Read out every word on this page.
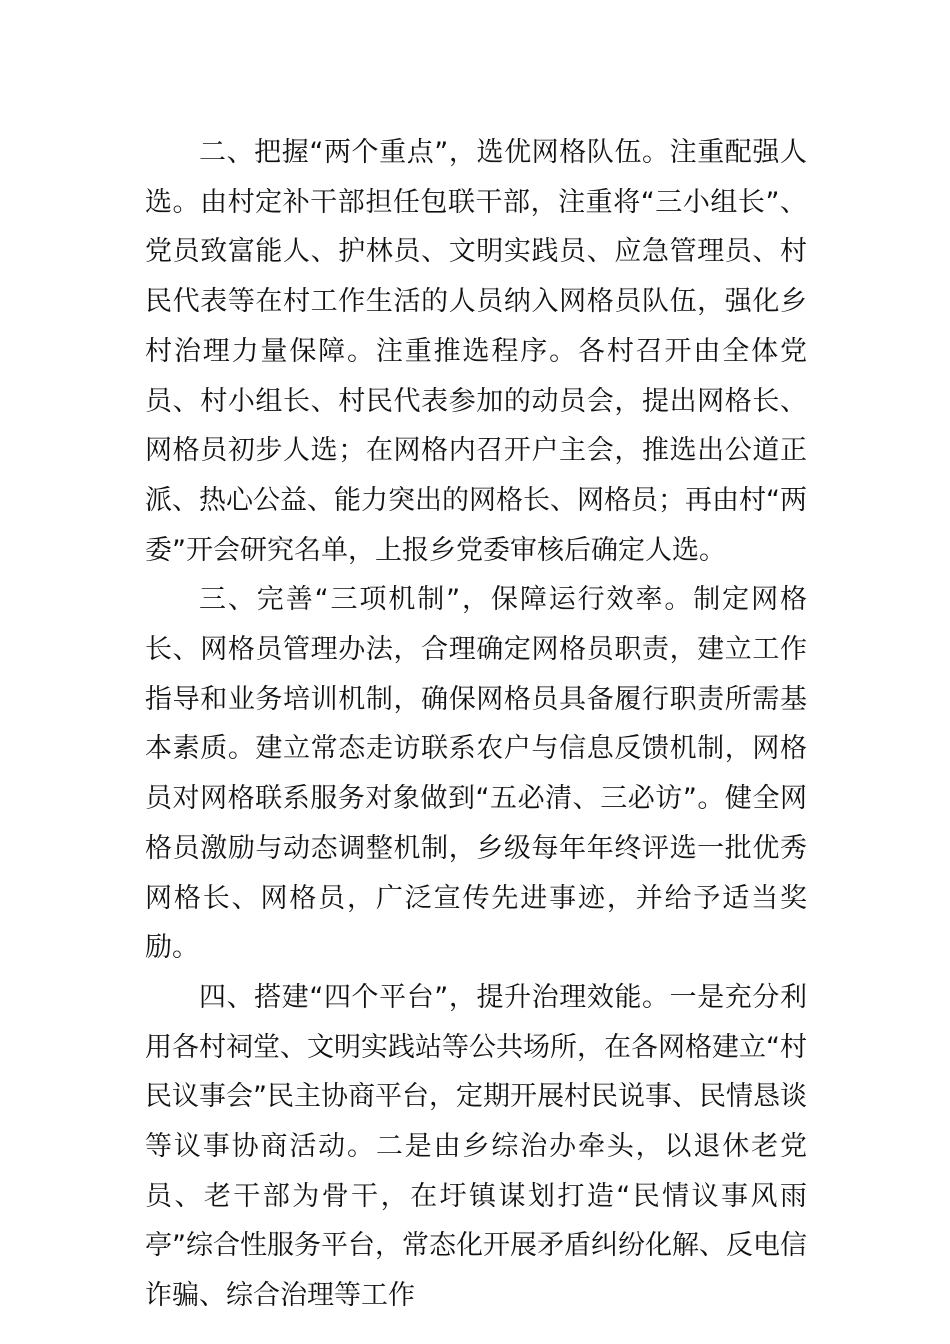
二、把握“两个重点”，选优网格队伍。注重配强人选。由村定补干部担任包联干部，注重将“三小组长”、党员致富能人、护林员、文明实践员、应急管理员、村民代表等在村工作生活的人员纳入网格员队伍，强化乡村治理力量保障。注重推选程序。各村召开由全体党员、村小组长、村民代表参加的动员会，提出网格长、网格员初步人选；在网格内召开户主会，推选出公道正派、热心公益、能力突出的网格长、网格员；再由村“两委”开会研究名单，上报乡党委审核后确定人选。

三、完善“三项机制”，保障运行效率。制定网格长、网格员管理办法，合理确定网格员职责，建立工作指导和业务培训机制，确保网格员具备履行职责所需基本素质。建立常态走访联系农户与信息反馈机制，网格员对网格联系服务对象做到“五必清、三必访”。健全网格员激励与动态调整机制，乡级每年年终评选一批优秀网格长、网格员，广泛宣传先进事迹，并给予适当奖励。

四、搭建“四个平台”，提升治理效能。一是充分利用各村祠堂、文明实践站等公共场所，在各网格建立“村民议事会”民主协商平台，定期开展村民说事、民情恳谈等议事协商活动。二是由乡综治办牵头，以退休老党员、老干部为骨干，在圩镇谋划打造“民情议事风雨亭”综合性服务平台，常态化开展矛盾纠纷化解、反电信诈骗、综合治理等工作
